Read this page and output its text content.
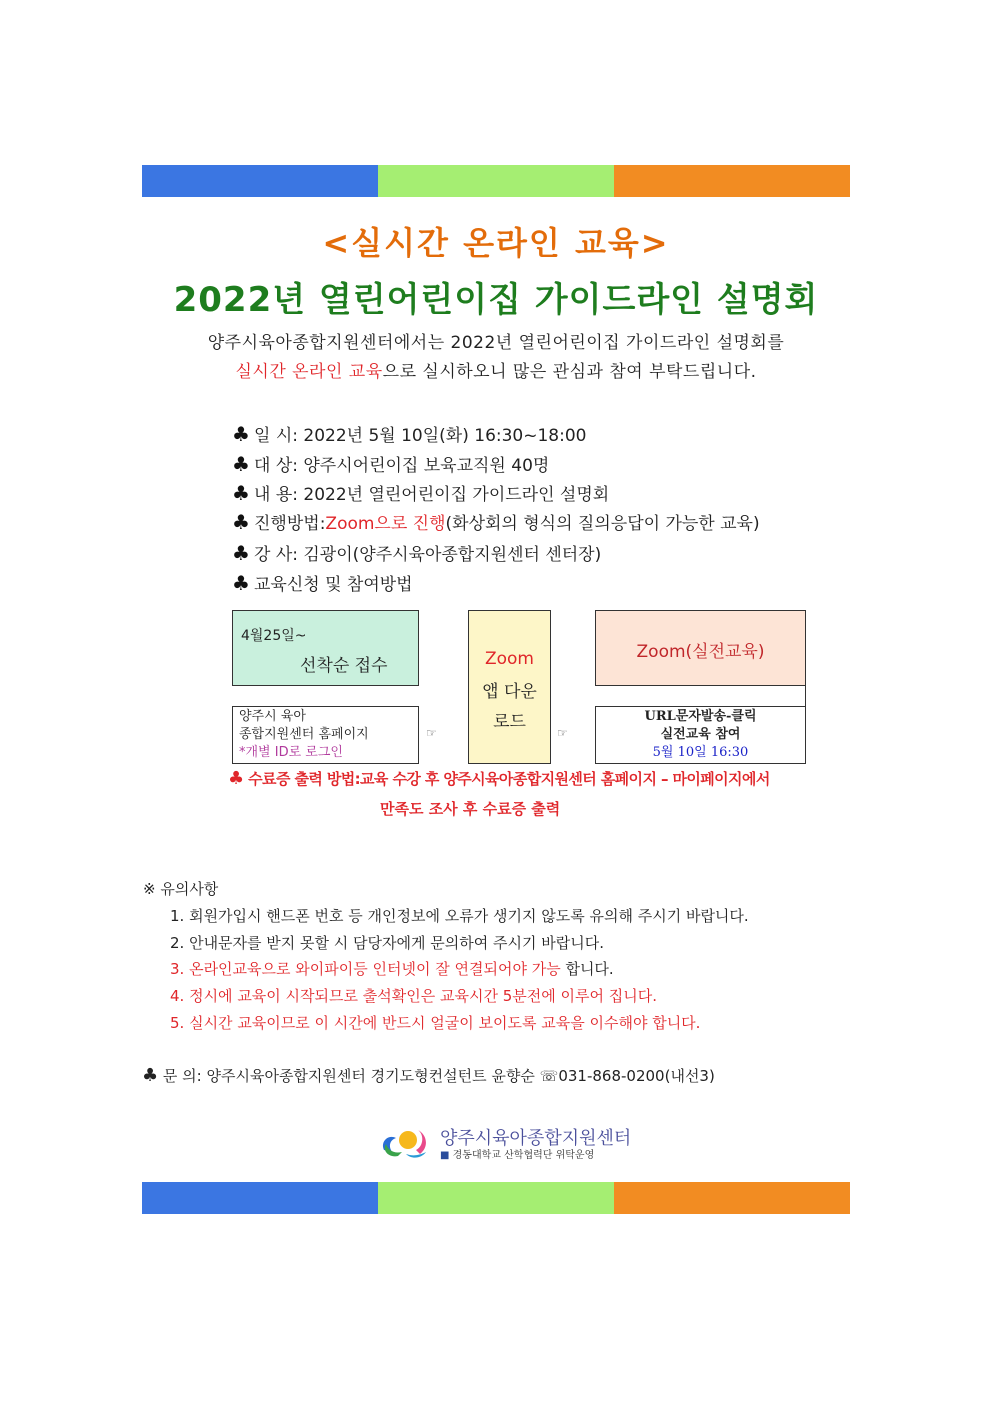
<실시간 온라인 교육>
2022년 열린어린이집 가이드라인 설명회
양주시육아종합지원센터에서는 2022년 열린어린이집 가이드라인 설명회를
실시간 온라인 교육으로 실시하오니 많은 관심과 참여 부탁드립니다.
♣ 일 시: 2022년 5월 10일(화) 16:30~18:00
♣ 대 상: 양주시어린이집 보육교직원 40명
♣ 내 용: 2022년 열린어린이집 가이드라인 설명회
♣ 진행방법:Zoom으로 진행(화상회의 형식의 질의응답이 가능한 교육)
♣ 강 사: 김광이(양주시육아종합지원센터 센터장)
♣ 교육신청 및 참여방법
4월25일~
선착순 접수
양주시 육아
종합지원센터 홈페이지
*개별 ID로 로그인
☞
Zoom
앱 다운
로드
☞
Zoom(실전교육)
URL문자발송-클릭
실전교육 참여
5월 10일 16:30
♣ 수료증 출력 방법:교육 수강 후 양주시육아종합지원센터 홈페이지 – 마이페이지에서
만족도 조사 후 수료증 출력
※ 유의사항
1. 회원가입시 핸드폰 번호 등 개인정보에 오류가 생기지 않도록 유의해 주시기 바랍니다.
2. 안내문자를 받지 못할 시 담당자에게 문의하여 주시기 바랍니다.
3. 온라인교육으로 와이파이등 인터넷이 잘 연결되어야 가능 합니다.
4. 정시에 교육이 시작되므로 출석확인은 교육시간 5분전에 이루어 집니다.
5. 실시간 교육이므로 이 시간에 반드시 얼굴이 보이도록 교육을 이수해야 합니다.
♣ 문 의: 양주시육아종합지원센터 경기도형컨설턴트 윤향순 ☏031-868-0200(내선3)
양주시육아종합지원센터
■ 경동대학교 산학협력단 위탁운영
